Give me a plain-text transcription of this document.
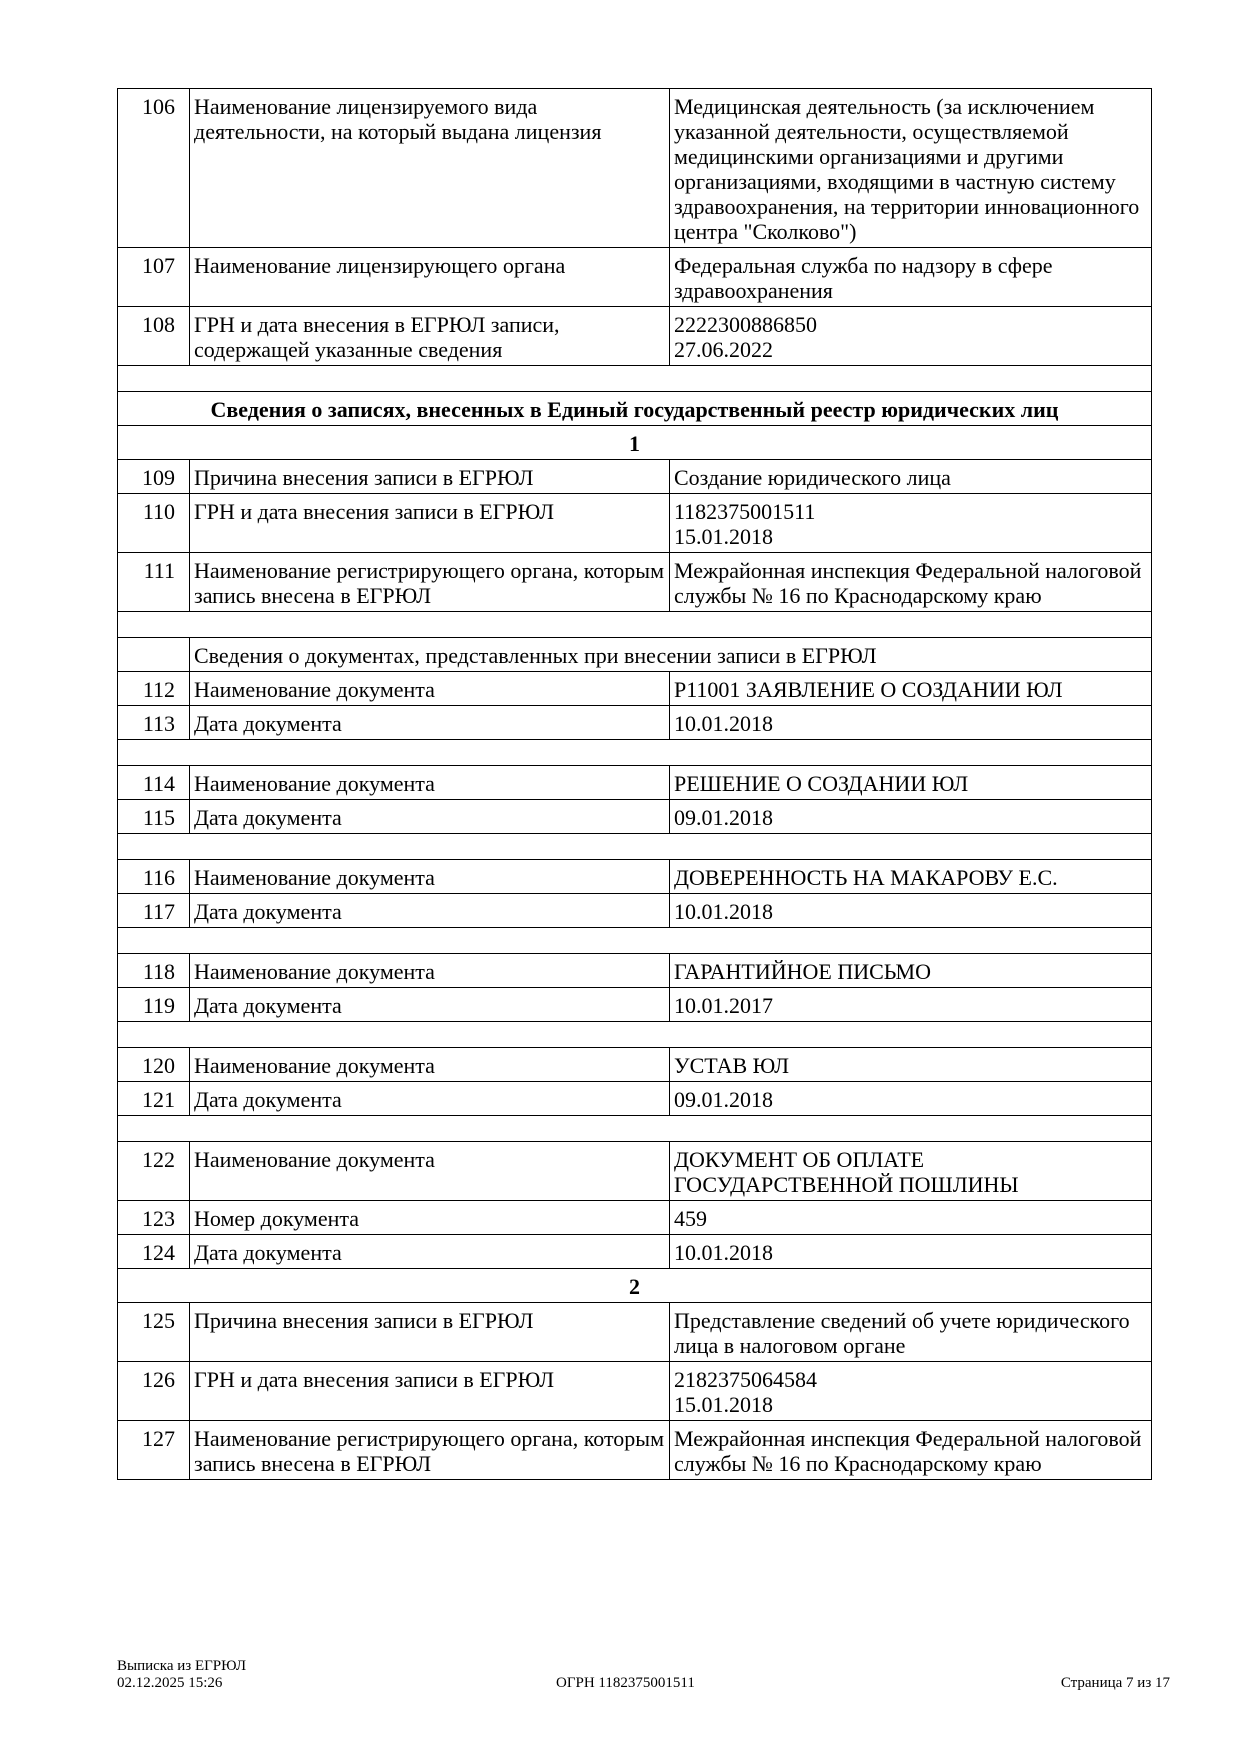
106	Наименование лицензируемого вида деятельности, на который выдана лицензия	Медицинская деятельность (за исключением указанной деятельности, осуществляемой медицинскими организациями и другими организациями, входящими в частную систему здравоохранения, на территории инновационного центра "Сколково")
107	Наименование лицензирующего органа	Федеральная служба по надзору в сфере здравоохранения
108	ГРН и дата внесения в ЕГРЮЛ записи, содержащей указанные сведения	2222300886850
27.06.2022

Сведения о записях, внесенных в Единый государственный реестр юридических лиц		
1		
109	Причина внесения записи в ЕГРЮЛ	Создание юридического лица
110	ГРН и дата внесения записи в ЕГРЮЛ	1182375001511
15.01.2018
111	Наименование регистрирующего органа, которым запись внесена в ЕГРЮЛ	Межрайонная инспекция Федеральной налоговой службы № 16 по Краснодарскому краю

	Сведения о документах, представленных при внесении записи в ЕГРЮЛ	
112	Наименование документа	Р11001 ЗАЯВЛЕНИЕ О СОЗДАНИИ ЮЛ
113	Дата документа	10.01.2018

114	Наименование документа	РЕШЕНИЕ О СОЗДАНИИ ЮЛ
115	Дата документа	09.01.2018

116	Наименование документа	ДОВЕРЕННОСТЬ НА МАКАРОВУ Е.С.
117	Дата документа	10.01.2018

118	Наименование документа	ГАРАНТИЙНОЕ ПИСЬМО
119	Дата документа	10.01.2017

120	Наименование документа	УСТАВ ЮЛ
121	Дата документа	09.01.2018

122	Наименование документа	ДОКУМЕНТ ОБ ОПЛАТЕ ГОСУДАРСТВЕННОЙ ПОШЛИНЫ
123	Номер документа	459
124	Дата документа	10.01.2018
2		
125	Причина внесения записи в ЕГРЮЛ	Представление сведений об учете юридического лица в налоговом органе
126	ГРН и дата внесения записи в ЕГРЮЛ	2182375064584
15.01.2018
127	Наименование регистрирующего органа, которым запись внесена в ЕГРЮЛ	Межрайонная инспекция Федеральной налоговой службы № 16 по Краснодарскому краю
Выписка из ЕГРЮЛ
02.12.2025 15:26	ОГРН 1182375001511	Страница 7 из 17
